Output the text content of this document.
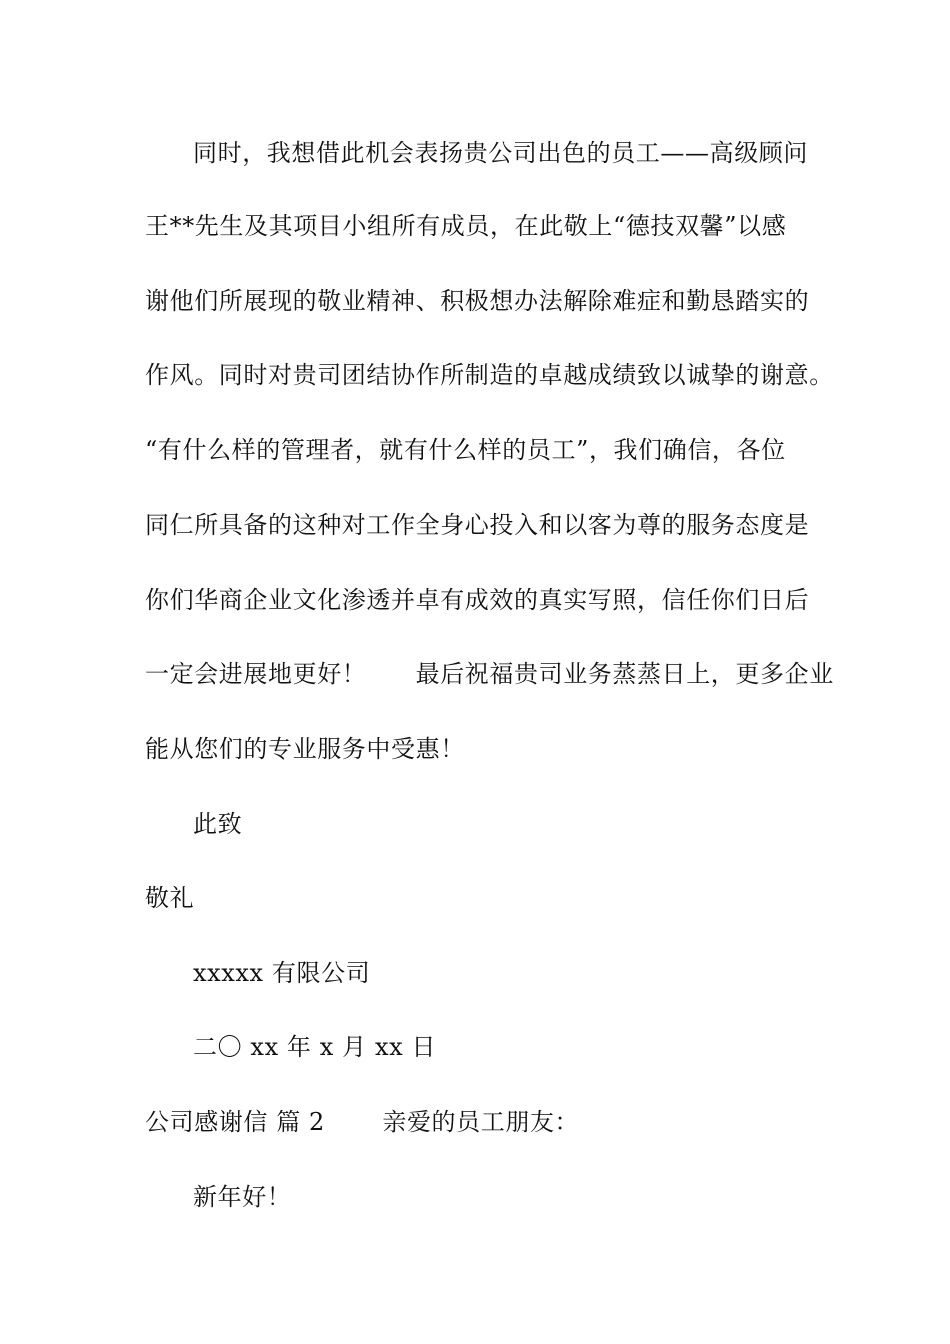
同时，我想借此机会表扬贵公司出色的员工——高级顾问
王**先生及其项目小组所有成员，在此敬上“德技双馨”以感
谢他们所展现的敬业精神、积极想办法解除难症和勤恳踏实的
作风。同时对贵司团结协作所制造的卓越成绩致以诚挚的谢意。
“有什么样的管理者，就有什么样的员工”，我们确信，各位
同仁所具备的这种对工作全身心投入和以客为尊的服务态度是
你们华商企业文化渗透并卓有成效的真实写照，信任你们日后
一定会进展地更好！　　最后祝福贵司业务蒸蒸日上，更多企业
能从您们的专业服务中受惠！
此致
敬礼
xxxxx 有限公司
二〇 xx 年 x 月 xx 日
公司感谢信 篇 2　　 亲爱的员工朋友：
新年好！
